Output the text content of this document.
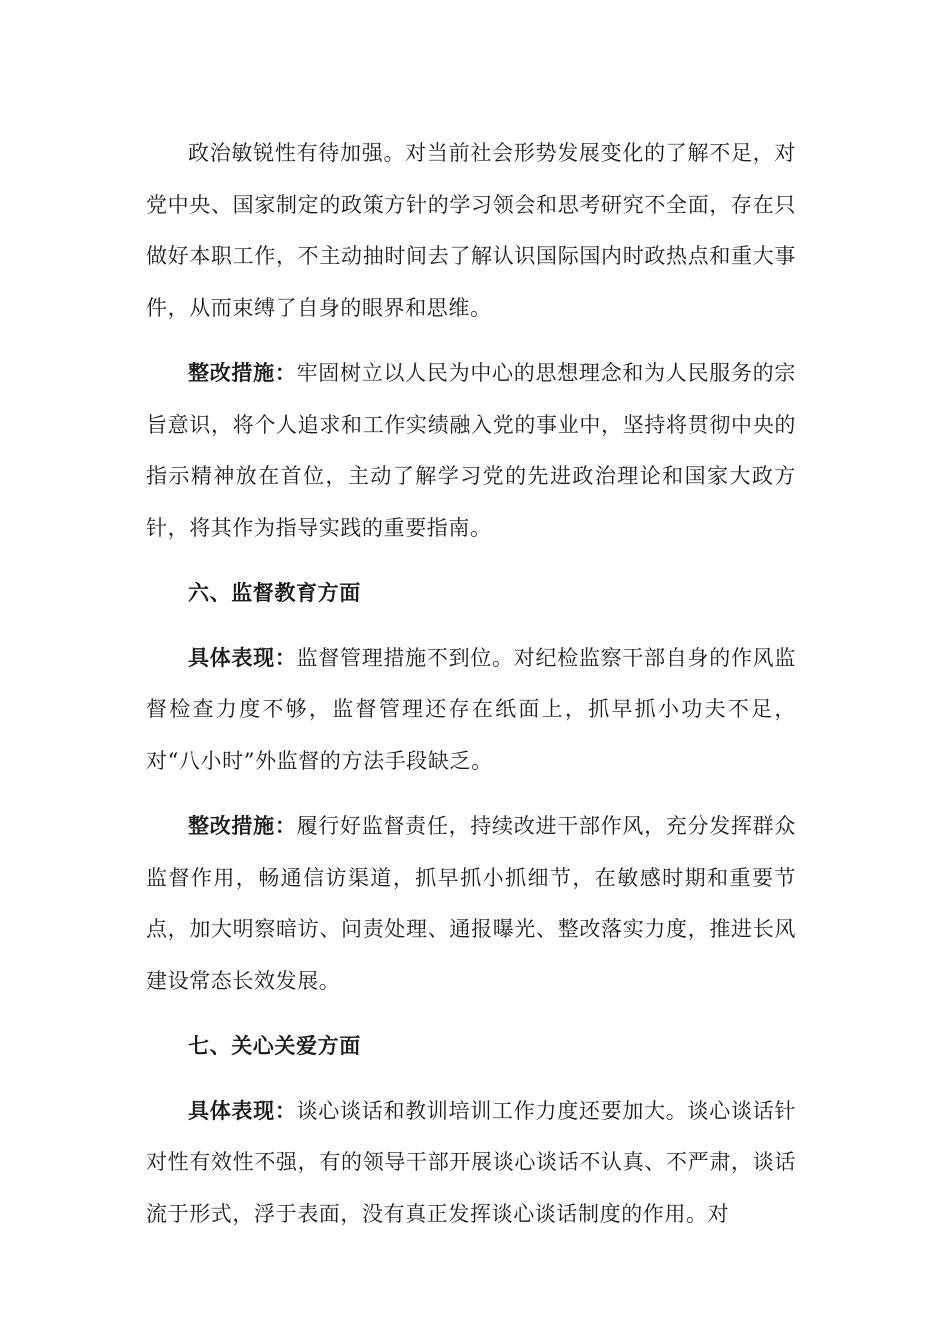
政治敏锐性有待加强。对当前社会形势发展变化的了解不足，对党中央、国家制定的政策方针的学习领会和思考研究不全面，存在只做好本职工作，不主动抽时间去了解认识国际国内时政热点和重大事件，从而束缚了自身的眼界和思维。

整改措施：牢固树立以人民为中心的思想理念和为人民服务的宗旨意识，将个人追求和工作实绩融入党的事业中，坚持将贯彻中央的指示精神放在首位，主动了解学习党的先进政治理论和国家大政方针，将其作为指导实践的重要指南。

六、监督教育方面

具体表现：监督管理措施不到位。对纪检监察干部自身的作风监督检查力度不够，监督管理还存在纸面上，抓早抓小功夫不足，对“八小时”外监督的方法手段缺乏。

整改措施：履行好监督责任，持续改进干部作风，充分发挥群众监督作用，畅通信访渠道，抓早抓小抓细节，在敏感时期和重要节点，加大明察暗访、问责处理、通报曝光、整改落实力度，推进长风建设常态长效发展。

七、关心关爱方面

具体表现：谈心谈话和教训培训工作力度还要加大。谈心谈话针对性有效性不强，有的领导干部开展谈心谈话不认真、不严肃，谈话流于形式，浮于表面，没有真正发挥谈心谈话制度的作用。对
